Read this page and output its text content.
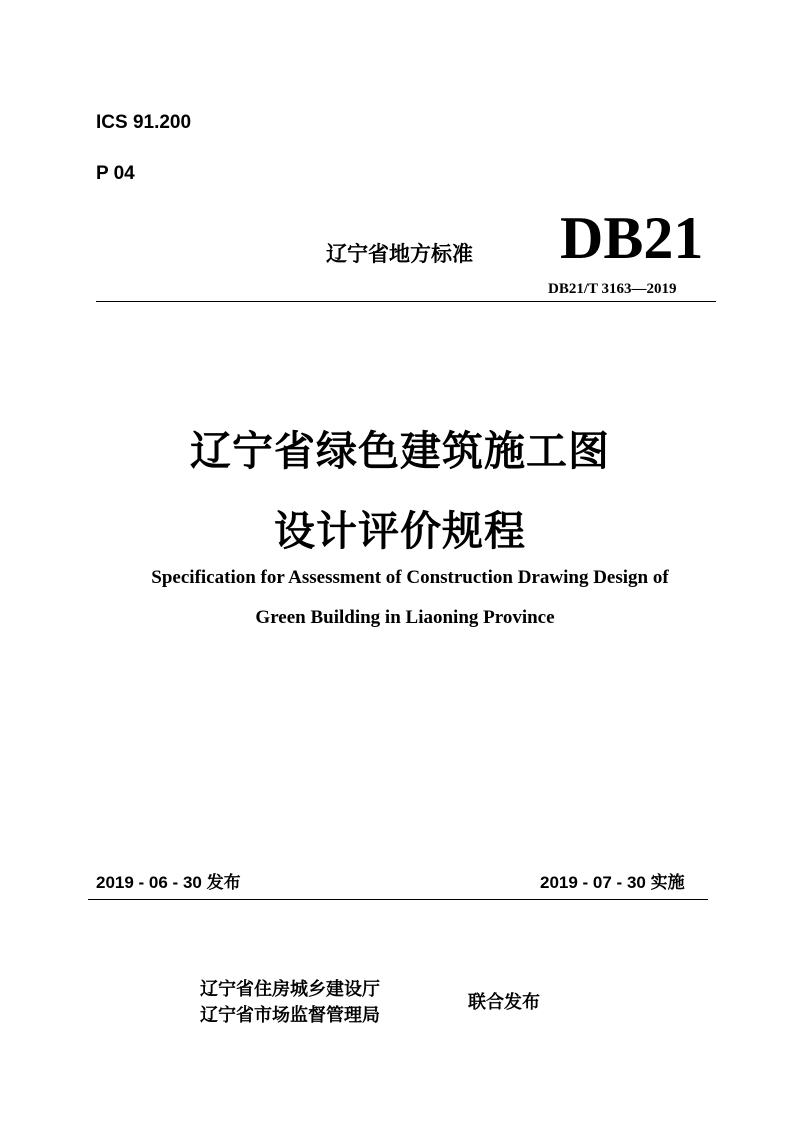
ICS 91.200
P 04
辽宁省地方标准 DB21
DB21/T 3163—2019
辽宁省绿色建筑施工图
设计评价规程
Specification for Assessment of Construction Drawing Design of
Green Building in Liaoning Province
2019 - 06 - 30 发布	2019 - 07 - 30 实施
辽宁省住房城乡建设厅
辽宁省市场监督管理局
联合发布
